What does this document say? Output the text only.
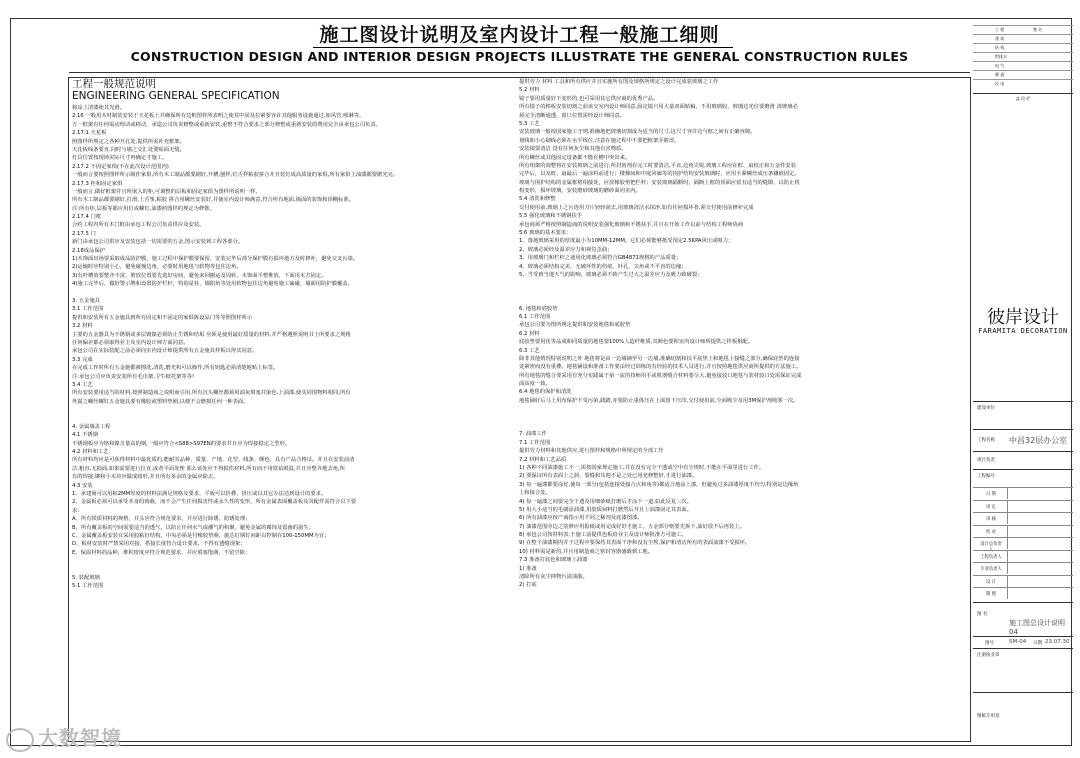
施工图设计说明及室内设计工程一般施工细则
CONSTRUCTION DESIGN AND INTERIOR DESIGN PROJECTS ILLUSTRATE THE GENERAL CONSTRUCTION RULES
工程一般规范说明
ENGINEERING GENERAL SPECIFICATION
将涂上清漆使其光滑。
2.16 一般用木材制装安装于天花板上并确保所有边框图样所表明之使其中固及拉紧要容许其他服务设施通过,如风管,喷淋等。
万一框架有任何需动理动或移动，承造公司负责修整或重新安装,重整不符合要求之部分修整或重新安装的费用完全由承包公司负责。
2.17.1 天花板
照图样所规定之各种开孔处,提供所需补充框架。
天花板线条要直,同时与墙之交汇处要贴面无缝。
灯具位置按现场实际尺寸再确定才施工。
2.17.2 不固定家俱(不在此次设计范围内)
一般而言要按照图样所示制作家俱,所有木工制品都要刷好,开槽,刨样,钉舌样粘胶拼合并且装钉成高质量的家俱,所有家俱上油漆都要磨光亮。
2.17.3 柜和固定家俱
一般而言,做好框架并且所嵌入的柜,可调整的层板和固定家俱为图样所说明一样。
所有木工制品都要刷好,打滑,上舌筝,粘胶 拼合用螺丝安装好,并使室内设计师满意,符合所有地面,墙面的装饰和顶棚标准。
注:所有柜,层板等都应用钉或螺钉,油漆照图样的规定为修饰。
2.17.4 门框
合约工程内所有木门框由承包工程公司负责供应及安装。
2.17.5 门
新门由承包公司供应及安装包括一切需要的五金,图示安装到工程各部分。
2.18成品保护
1)木饰面出场要采取成品防护膜，施工过程中保护膜要保留，安装完毕后部分保护膜有损坏地方及时修补，避免交叉污染。
2)运输时应特别小心，避免碰撞边角，必要时用地毯与软物等包住边角。
3)有杆槽放要整齐丰富，堆放位置要先选好房间，避免来回搬运及周转，木饰面平整堆放，下面用木方固定。
4)施工完毕后，做好警示牌和设置防护栏杆，特别是柱，墙阳角等处用软物包住边角避免施工磕碰，墙面用防护膜覆盖。
3. 五金施具
3.1 工作范围
提供和安装所有五金施具到所有固定和不固定的家俱陈设品门等等照图样所示
3.2 材料
主要的五金器具为不锈钢或多层镀镍必须防止生锈和结垢 应须是使用最好质量的材料,并严格遵照说明书上所要求之规格
任何偏差都必须取得业主及室内设计师方面同意。
承包公司在实际装配之前必须向室内设计师提供所有五金施具样板以得其同意。
3.3 完成
在完成工作时所有五金施都被擦洗,清洗,磨光和可以操作,所有钥匙必须清楚地贴上标签。
注:承包公司应负责安装所有毛巾架,卫生纸托架等等!
3.4 工艺
所有安装要用适当的材料,按照制造商之说明而引用,所有沉头螺丝都须用油灰填塞并染色,上油漆,使其同围物料相同,所有
外露之螺丝螺钉五金施具要有橡胶或塑料垫圈,以便不会磨损任何一种表面。
4. 金属墙盖工程
4.1 不锈钢
不锈钢板应为铬和镍含量高的钢,一般应符合<S88>S97EN的要求并且应为焊接稳定之型形。
4.2 材料和工艺
所有材料均应是可获得材料中最优质的,能耐其品种、质量、产地、花型、线条、颜色、具有产品合格证。并且在安装前清
洁,粗直,无损面,如果需要进行拉直,或者平面处理 那么该处应不得损伤材料,所有而不用铁钻眼温,并且应整齐地去角,所
有的焊接,铆和小木块应做成圆形,并且所有多余的金属应除去。
4.3 安装
1、承建商可以用粘2MM厚度的材料法满足规格及要求，平板可以折叠、挤压或以其它办法达到设计的要求。
2、金属板必须可以承受本身的荷载，而不会产生任何损害性或永久性的变形，所有金属表面覆盖板及其配件需符合以下要
求：
A、所有铁质材料的规格，并头应符合规范要求，并应进行除锈、防锈处理；
B、所有覆盖板的空间需要适当的透气，以防止任何水气或潮气的积聚，避免金属的腐蚀及霉菌的滋生；
C、金属覆盖板安装宜采用胶粘钉结构，中央必须是付橡胶垫圈，施芯钉钢钉间距以控制在100-150MM为宜；
D、板材安装时严禁采用对接，搭接长度符合设计要求，不得有透缝现象；
E、保温材料的品种，堆积密度应符合规范要求，并应填塞饱满，不留空隙；
5. 装配玻璃
5.1 工作范围
提供劳力 材料 工具和所有供应并且实施所有图及规格所规定之设计完成装玻璃之工作
5.2 材料
镜子要用质量好不变形的,也可采用其它供应商的优秀产品。
所有镜子的棒板安装切割之前该交室内设计师同意,固定镜只用大量双面贴稿，不用玻璃胶，玻璃边光位要磨滑 清玻璃必
须完全清晰通透，窗口位置需经设计师同意。
5.3 工艺
安装玻璃一般按国家施工守则,准确地把玻璃切割成为适当的尺寸,这尺寸容许边与框之间有正确容隙。
划线和小心刷线必须在水平线位,注意在施过程中不要把框架弄脏涩。
安装镜要清洁 没有任何灰尘和其他有害物质。
所有螺丝或其他固定设备都不能在槽中突出来。
所有相架的调整将在安装玻璃之前进行,所封密剂在完工时要清洁,平直,边角尖锐,玻璃工程应在框、扇校正和五金件安装
完毕后，以及框、扇最后一遍涂料前进行；楼梯间和中庭回廊等的围护结构安装玻璃时，应用卡紧螺丝或压条镶嵌固定。
玻璃与围护结构的金属框格相接处，应放橡胶垫把栏杆；安装玻璃隔断时，隔断上框的顶面应留有适当的缝隙，以防止机
构变形，损坏玻璃，安装磨砂玻璃的磨砂面向室内。
5.4 清洗和修整
交付使用前,玻璃上之污迹用刀片轻轻刮去,用玻璃清洁水抹净,如有任何损坏者,须交付使用前修补完成
5.5 强化玻璃和不锈钢扶手
承包商须严格按照制造商的说明安装强化玻璃和不锈扶手,并且在开始工作以前与结构工程师协商
5.6 玻璃的基本要求：
1、落地玻璃采用的厚度最小为10MM-12MM。它们必须能够抵受预定2.5KPA风压或吸力；
2、玻璃必须经及温差应力和视觉歪曲；
3、用玻璃门和栏杆之通用化玻璃必须符合GB4871规格的产品质量；
4、玻璃必须结构完美、无破坏性的伤痕、针孔、尖角或不平直的边缘；
5、当受到当地天气的影响，玻璃必须不致产生过大之温差应力及吸力致破裂；
6. 地毯和底胶垫
6.1 工作范围
承包公司要为图所规定提供和安装地毯和底胶垫
6.2 材料
底胶垫要用优等品成和同质量的地毯要100%人造纤维质,其颜色要和室内设计师所提供之样板相配。
6.3 工艺
除非其他情况特别说明之外 地毯将是由一边墙铺至另一边墙,准确切割和扶平底垫上和地毯上接缝之部分,确保底垫的连接
处紧密而没有重叠。地毯铺设和准备工作要由经过训练的有经验的技术人员进行,并且按照地毯供应商所提供的方法施工。
所有地毯的缝合要采用有充分实践属于第一流的技师用手或机器缝合材料要尽大,避免接驳口地毯与装材驳口处需保证完成
面高度一致。
6.4 地毯的保护和清洗
地毯铺好后马上用布保护不受污染,践踏,亦要防止重体压在上面留下压印,交付使用前,全面吸尘及用3M保护剂喷雾一次。
7. 油漆工作
7.1 工作范围
提供劳力材料和其他供应,进行图样和规格中所规定的全部工作
7.2 材料和工艺品质
1) 各种不同油漆施工不一,需按国家规定施工,并在没有完全干透或空中有尘埃时,不能在平面里进行工作。
2) 要保证所有表面上之洞、裂缝和其他不是之处已用充修整好,才进行油漆。
3) 每一遍漆都要涂好,使每一部分(包括连接处接合点和角等)都适合地涂上漆，但避免过多油漆厚度不均匀,特别是边缘角
上和接合处。
4) 每一遍漆之间要完全干透及用细砂纸打磨后才涂下一道,如此反复三次。
5) 用大小适当的毛刷涂油漆,用胶质扁料打磨然后并且上油漆固定其表面。
6) 所有油漆应按产商指示用不同之稀剂及底漆图漆。
7) 油漆范围旁边之装修应用报纸或用完成好好才施工，五金部分则要先拆下,油好放不后再装上。
8) 承包公司按材料表,于施工前提供色板给业主及设计师批准方可施工。
9) 在整个油漆期内并于过程中要保持其表面干净和没有尘埃,保护和清洁所有的表面油漆不受损坏。
10) 材料需是新的,并且用制造商之密封容器盛载到工地。
7.3 准备打底色和玻璃上油漆
1) 准备
清除所有灰尘抑物污渍油脂。
2) 打底
工 程	签 名
建 筑
结 构
给排水
电 气
暖 通
设 电
盖 印 栏
彼岸设计
FARAMITA DECORATION
建设单位
工程名称 中昌32层办公室
项目负责
工程编号
日 期
审 定
审 核
校 对
设计总负责人
工程负责人
专业负责人
设 计
制 图
图 名
施工图总设计说明04
图号	SM-04 日期 23.07.30
注册执业章
图纸专用章
大数智境
